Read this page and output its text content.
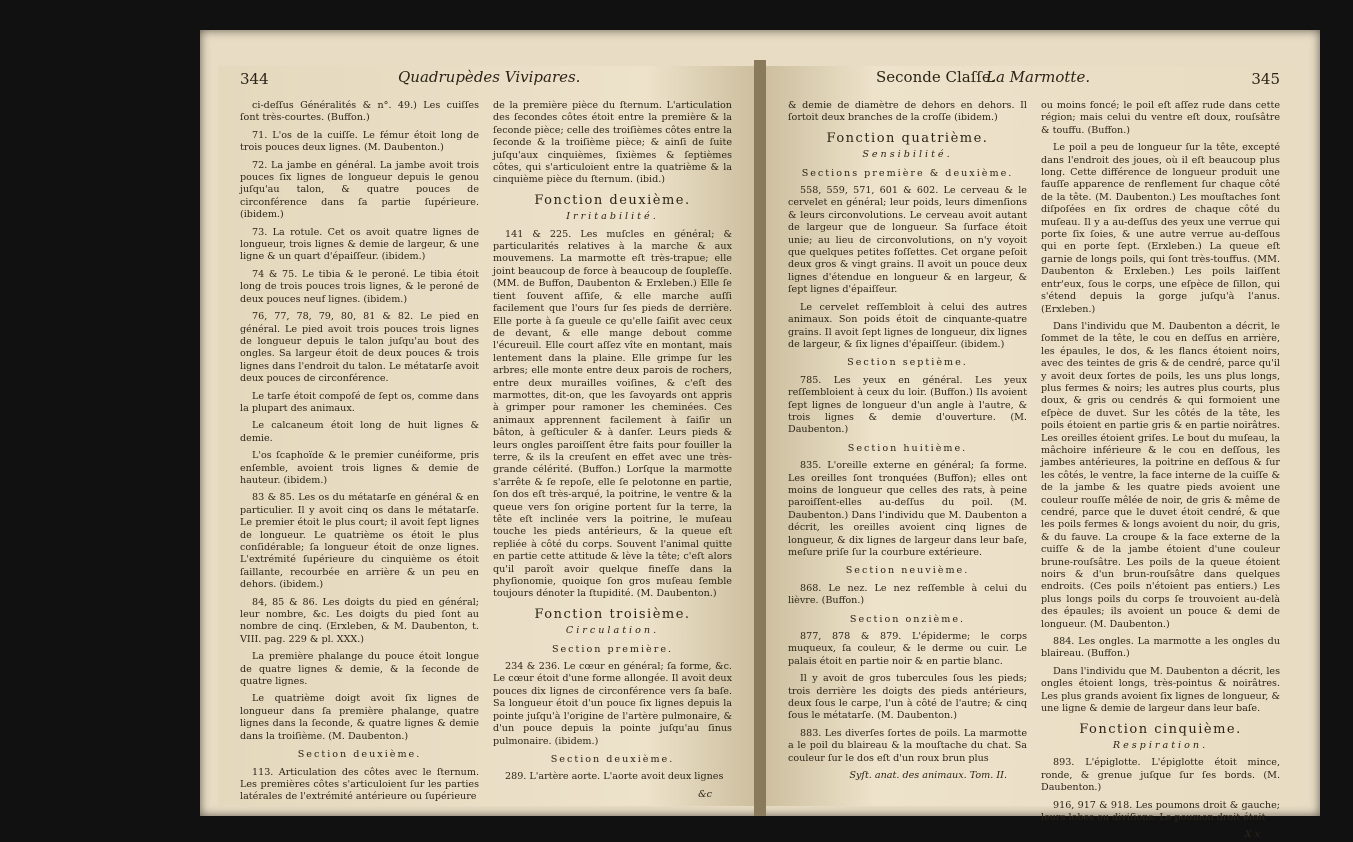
344	Quadrupèdes Vivipares.

ci-deſſus Généralités & n°. 49.) Les cuiſſes ſont très-courtes. (Buffon.)

71. L'os de la cuiſſe. Le fémur étoit long de trois pouces deux lignes. (M. Daubenton.)

72. La jambe en général. La jambe avoit trois pouces ſix lignes de longueur depuis le genou juſqu'au talon, & quatre pouces de circonférence dans ſa partie ſupérieure. (ibidem.)

73. La rotule. Cet os avoit quatre lignes de longueur, trois lignes & demie de largeur, & une ligne & un quart d'épaiſſeur. (ibidem.)

74 & 75. Le tibia & le peroné. Le tibia étoit long de trois pouces trois lignes, & le peroné de deux pouces neuf lignes. (ibidem.)

76, 77, 78, 79, 80, 81 & 82. Le pied en général. Le pied avoit trois pouces trois lignes de longueur depuis le talon juſqu'au bout des ongles. Sa largeur étoit de deux pouces & trois lignes dans l'endroit du talon. Le métatarſe avoit deux pouces de circonférence.

Le tarſe étoit compoſé de ſept os, comme dans la plupart des animaux.

Le calcaneum étoit long de huit lignes & demie.

L'os ſcaphoïde & le premier cunéiforme, pris enſemble, avoient trois lignes & demie de hauteur. (ibidem.)

83 & 85. Les os du métatarſe en général & en particulier. Il y avoit cinq os dans le métatarſe. Le premier étoit le plus court; il avoit ſept lignes de longueur. Le quatrième os étoit le plus conſidérable; ſa longueur étoit de onze lignes. L'extrémité ſupérieure du cinquième os étoit ſaillante, recourbée en arrière & un peu en dehors. (ibidem.)

84, 85 & 86. Les doigts du pied en général; leur nombre, &c. Les doigts du pied ſont au nombre de cinq. (Erxleben, & M. Daubenton, t. VIII. pag. 229 & pl. XXX.)

La première phalange du pouce étoit longue de quatre lignes & demie, & la ſeconde de quatre lignes.

Le quatrième doigt avoit ſix lignes de longueur dans ſa première phalange, quatre lignes dans la ſeconde, & quatre lignes & demie dans la troiſième. (M. Daubenton.)

Section deuxième.

113. Articulation des côtes avec le ſternum. Les premières côtes s'articuloient ſur les parties latérales de l'extrémité antérieure ou ſupérieure

de la première pièce du ſternum. L'articulation des ſecondes côtes étoit entre la première & la ſeconde pièce; celle des troiſièmes côtes entre la ſeconde & la troiſième pièce; & ainſi de ſuite juſqu'aux cinquièmes, ſixièmes & ſeptièmes côtes, qui s'articuloient entre la quatrième & la cinquième pièce du ſternum. (ibid.)

Fonction deuxième.
Irritabilité.

141 & 225. Les muſcles en général; & particularités relatives à la marche & aux mouvemens. La marmotte eſt très-trapue; elle joint beaucoup de force à beaucoup de ſoupleſſe. (MM. de Buffon, Daubenton & Erxleben.) Elle ſe tient ſouvent aſſiſe, & elle marche auſſi facilement que l'ours ſur ſes pieds de derrière. Elle porte à ſa gueule ce qu'elle ſaiſit avec ceux de devant, & elle mange debout comme l'écureuil. Elle court aſſez vîte en montant, mais lentement dans la plaine. Elle grimpe ſur les arbres; elle monte entre deux parois de rochers, entre deux murailles voiſines, & c'eſt des marmottes, dit-on, que les ſavoyards ont appris à grimper pour ramoner les cheminées. Ces animaux apprennent facilement à ſaiſir un bâton, à geſticuler & à danſer. Leurs pieds & leurs ongles paroiſſent être faits pour fouiller la terre, & ils la creuſent en effet avec une très-grande célérité. (Buffon.) Lorſque la marmotte s'arrête & ſe repoſe, elle ſe pelotonne en partie, ſon dos eſt très-arqué, la poitrine, le ventre & la queue vers ſon origine portent ſur la terre, la tête eſt inclinée vers la poitrine, le muſeau touche les pieds antérieurs, & la queue eſt repliée à côté du corps. Souvent l'animal quitte en partie cette attitude & lève la tête; c'eſt alors qu'il paroît avoir quelque fineſſe dans la phyſionomie, quoique ſon gros muſeau ſemble toujours dénoter la ſtupidité. (M. Daubenton.)

Fonction troisième.
Circulation.
Section première.

234 & 236. Le cœur en général; ſa forme, &c. Le cœur étoit d'une forme allongée. Il avoit deux pouces dix lignes de circonférence vers ſa baſe. Sa longueur étoit d'un pouce ſix lignes depuis la pointe juſqu'à l'origine de l'artère pulmonaire, & d'un pouce depuis la pointe juſqu'au ſinus pulmonaire. (ibidem.)

Section deuxième.

289. L'artère aorte. L'aorte avoit deux lignes

&c
Seconde Claſſe.
La Marmotte.	345

& demie de diamètre de dehors en dehors. Il ſortoit deux branches de la croſſe (ibidem.)

Fonction quatrième.
Sensibilité.
Sections première & deuxième.

558, 559, 571, 601 & 602. Le cerveau & le cervelet en général; leur poids, leurs dimenſions & leurs circonvolutions. Le cerveau avoit autant de largeur que de longueur. Sa ſurface étoit unie; au lieu de circonvolutions, on n'y voyoit que quelques petites foſſettes. Cet organe peſoit deux gros & vingt grains. Il avoit un pouce deux lignes d'étendue en longueur & en largeur, & ſept lignes d'épaiſſeur.

Le cervelet reſſembloit à celui des autres animaux. Son poids étoit de cinquante-quatre grains. Il avoit ſept lignes de longueur, dix lignes de largeur, & ſix lignes d'épaiſſeur. (ibidem.)

Section septième.

785. Les yeux en général. Les yeux reſſembloient à ceux du loir. (Buffon.) Ils avoient ſept lignes de longueur d'un angle à l'autre, & trois lignes & demie d'ouverture. (M. Daubenton.)

Section huitième.

835. L'oreille externe en général; ſa forme. Les oreilles ſont tronquées (Buffon); elles ont moins de longueur que celles des rats, à peine paroiſſent-elles au-deſſus du poil. (M. Daubenton.) Dans l'individu que M. Daubenton a décrit, les oreilles avoient cinq lignes de longueur, & dix lignes de largeur dans leur baſe, meſure priſe ſur la courbure extérieure.

Section neuvième.

868. Le nez. Le nez reſſemble à celui du lièvre. (Buffon.)

Section onzième.

877, 878 & 879. L'épiderme; le corps muqueux, ſa couleur, & le derme ou cuir. Le palais étoit en partie noir & en partie blanc.

Il y avoit de gros tubercules ſous les pieds; trois derrière les doigts des pieds antérieurs, deux ſous le carpe, l'un à côté de l'autre; & cinq ſous le métatarſe. (M. Daubenton.)

883. Les diverſes ſortes de poils. La marmotte a le poil du blaireau & la mouſtache du chat. Sa couleur ſur le dos eſt d'un roux brun plus

Syſt. anat. des animaux. Tom. II.

ou moins foncé; le poil eſt aſſez rude dans cette région; mais celui du ventre eſt doux, rouſsâtre & touffu. (Buffon.)

Le poil a peu de longueur ſur la tête, excepté dans l'endroit des joues, où il eſt beaucoup plus long. Cette différence de longueur produit une fauſſe apparence de renflement ſur chaque côté de la tête. (M. Daubenton.) Les mouſtaches ſont diſpoſées en ſix ordres de chaque côté du muſeau. Il y a au-deſſus des yeux une verrue qui porte ſix ſoies, & une autre verrue au-deſſous qui en porte ſept. (Erxleben.) La queue eſt garnie de longs poils, qui ſont très-touffus. (MM. Daubenton & Erxleben.) Les poils laiſſent entr'eux, ſous le corps, une eſpèce de ſillon, qui s'étend depuis la gorge juſqu'à l'anus. (Erxleben.)

Dans l'individu que M. Daubenton a décrit, le ſommet de la tête, le cou en deſſus en arrière, les épaules, le dos, & les flancs étoient noirs, avec des teintes de gris & de cendré, parce qu'il y avoit deux ſortes de poils, les uns plus longs, plus fermes & noirs; les autres plus courts, plus doux, & gris ou cendrés & qui formoient une eſpèce de duvet. Sur les côtés de la tête, les poils étoient en partie gris & en partie noirâtres. Les oreilles étoient griſes. Le bout du muſeau, la mâchoire inférieure & le cou en deſſous, les jambes antérieures, la poitrine en deſſous & ſur les côtés, le ventre, la face interne de la cuiſſe & de la jambe & les quatre pieds avoient une couleur rouſſe mêlée de noir, de gris & même de cendré, parce que le duvet étoit cendré, & que les poils fermes & longs avoient du noir, du gris, & du fauve. La croupe & la face externe de la cuiſſe & de la jambe étoient d'une couleur brune-rouſsâtre. Les poils de la queue étoient noirs & d'un brun-rouſsâtre dans quelques endroits. (Ces poils n'étoient pas entiers.) Les plus longs poils du corps ſe trouvoient au-delà des épaules; ils avoient un pouce & demi de longueur. (M. Daubenton.)

884. Les ongles. La marmotte a les ongles du blaireau. (Buffon.)

Dans l'individu que M. Daubenton a décrit, les ongles étoient longs, très-pointus & noirâtres. Les plus grands avoient ſix lignes de longueur, & une ligne & demie de largeur dans leur baſe.

Fonction cinquième.
Respiration.

893. L'épiglotte. L'épiglotte étoit mince, ronde, & grenue juſque ſur ſes bords. (M. Daubenton.)

916, 917 & 918. Les poumons droit & gauche; leurs lobes ou diviſions. Le poumon droit étoit

X x
